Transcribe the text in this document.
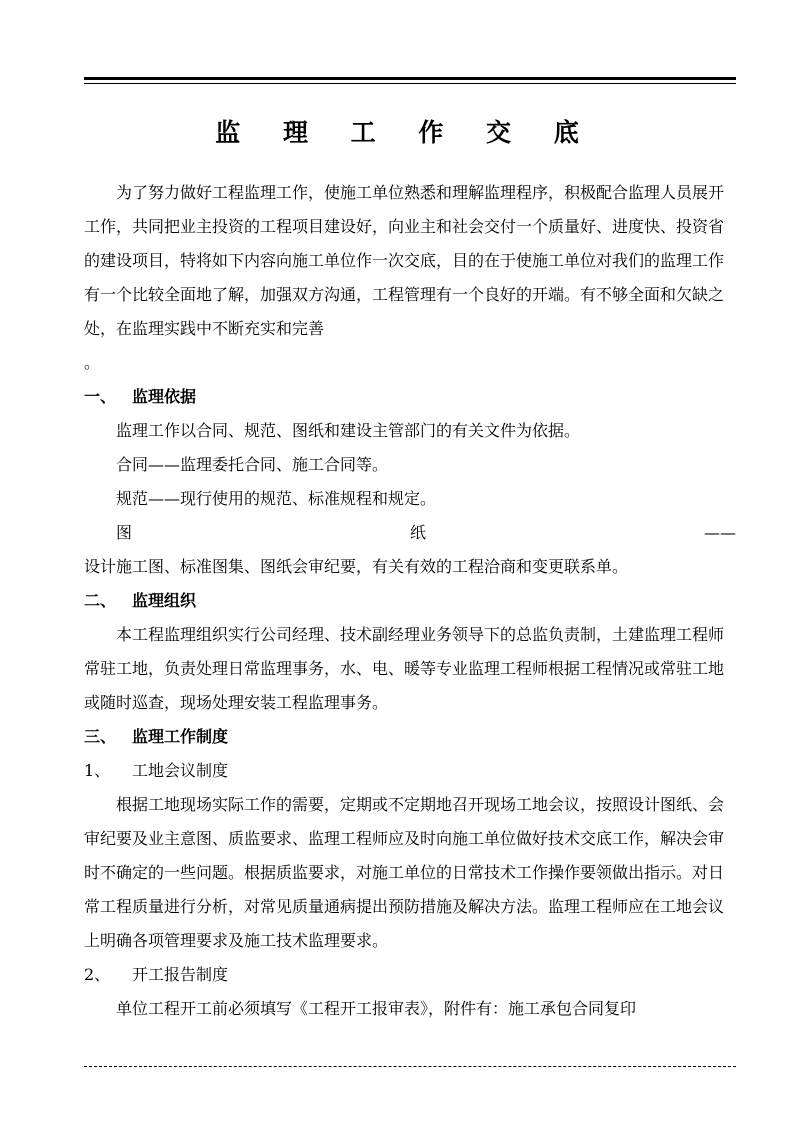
监 理 工 作 交 底

为了努力做好工程监理工作，使施工单位熟悉和理解监理程序，积极配合监理人员展开工作，共同把业主投资的工程项目建设好，向业主和社会交付一个质量好、进度快、投资省的建设项目，特将如下内容向施工单位作一次交底，目的在于使施工单位对我们的监理工作有一个比较全面地了解，加强双方沟通，工程管理有一个良好的开端。有不够全面和欠缺之处，在监理实践中不断充实和完善

。

一、 监理依据

监理工作以合同、规范、图纸和建设主管部门的有关文件为依据。

合同——监理委托合同、施工合同等。

规范——现行使用的规范、标准规程和规定。

图	纸	——

设计施工图、标准图集、图纸会审纪要，有关有效的工程洽商和变更联系单。

二、 监理组织

本工程监理组织实行公司经理、技术副经理业务领导下的总监负责制，土建监理工程师常驻工地，负责处理日常监理事务，水、电、暖等专业监理工程师根据工程情况或常驻工地或随时巡查，现场处理安装工程监理事务。

三、 监理工作制度

1、 工地会议制度

根据工地现场实际工作的需要，定期或不定期地召开现场工地会议，按照设计图纸、会审纪要及业主意图、质监要求、监理工程师应及时向施工单位做好技术交底工作，解决会审时不确定的一些问题。根据质监要求，对施工单位的日常技术工作操作要领做出指示。对日常工程质量进行分析，对常见质量通病提出预防措施及解决方法。监理工程师应在工地会议上明确各项管理要求及施工技术监理要求。

2、 开工报告制度

单位工程开工前必须填写《工程开工报审表》，附件有：施工承包合同复印
